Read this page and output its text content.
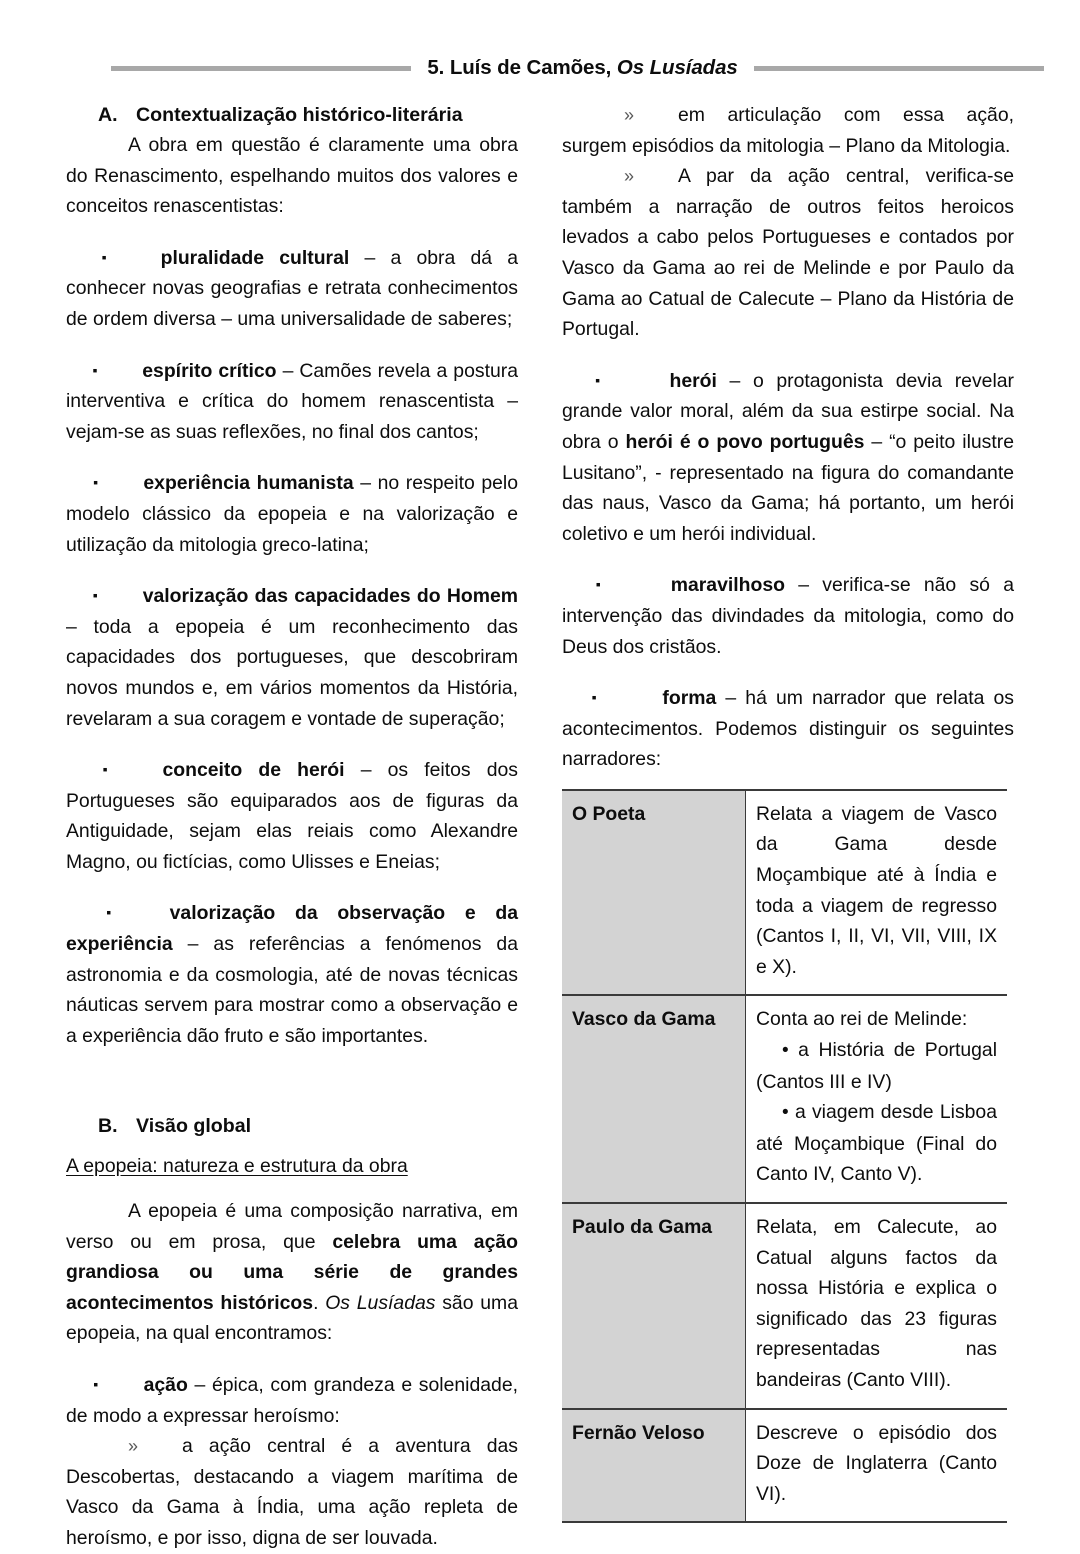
5. Luís de Camões, Os Lusíadas

A. Contextualização histórico-literária

A obra em questão é claramente uma obra do Renascimento, espelhando muitos dos valores e conceitos renascentistas:

▪ pluralidade cultural – a obra dá a conhecer novas geografias e retrata conhecimentos de ordem diversa – uma universalidade de saberes;

▪ espírito crítico – Camões revela a postura interventiva e crítica do homem renascentista – vejam-se as suas reflexões, no final dos cantos;

▪ experiência humanista – no respeito pelo modelo clássico da epopeia e na valorização e utilização da mitologia greco-latina;

▪ valorização das capacidades do Homem – toda a epopeia é um reconhecimento das capacidades dos portugueses, que descobriram novos mundos e, em vários momentos da História, revelaram a sua coragem e vontade de superação;

▪ conceito de herói – os feitos dos Portugueses são equiparados aos de figuras da Antiguidade, sejam elas reiais como Alexandre Magno, ou fictícias, como Ulisses e Eneias;

▪ valorização da observação e da experiência – as referências a fenómenos da astronomia e da cosmologia, até de novas técnicas náuticas servem para mostrar como a observação e a experiência dão fruto e são importantes.

B. Visão global

A epopeia: natureza e estrutura da obra

A epopeia é uma composição narrativa, em verso ou em prosa, que celebra uma ação grandiosa ou uma série de grandes acontecimentos históricos. Os Lusíadas são uma epopeia, na qual encontramos:

▪ ação – épica, com grandeza e solenidade, de modo a expressar heroísmo:

» a ação central é a aventura das Descobertas, destacando a viagem marítima de Vasco da Gama à Índia, uma ação repleta de heroísmo, e por isso, digna de ser louvada.

» em articulação com essa ação, surgem episódios da mitologia – Plano da Mitologia.

» A par da ação central, verifica-se também a narração de outros feitos heroicos levados a cabo pelos Portugueses e contados por Vasco da Gama ao rei de Melinde e por Paulo da Gama ao Catual de Calecute – Plano da História de Portugal.

▪	herói – o protagonista devia revelar grande valor moral, além da sua estirpe social. Na obra o herói é o povo português – “o peito ilustre Lusitano”, - representado na figura do comandante das naus, Vasco da Gama; há portanto, um herói coletivo e um herói individual.

▪	maravilhoso – verifica-se não só a intervenção das divindades da mitologia, como do Deus dos cristãos.

▪	forma – há um narrador que relata os acontecimentos. Podemos distinguir os seguintes narradores:

O Poeta	Relata a viagem de Vasco da Gama desde Moçambique até à Índia e toda a viagem de regresso (Cantos I, II, VI, VII, VIII, IX e X).
Vasco da Gama	Conta ao rei de Melinde:
• a História de Portugal (Cantos III e IV)
• a viagem desde Lisboa até Moçambique (Final do Canto IV, Canto V).

Paulo da Gama	Relata, em Calecute, ao Catual alguns factos da nossa História e explica o significado das 23 figuras representadas nas bandeiras (Canto VIII).
Fernão Veloso	Descreve o episódio dos Doze de Inglaterra (Canto VI).
